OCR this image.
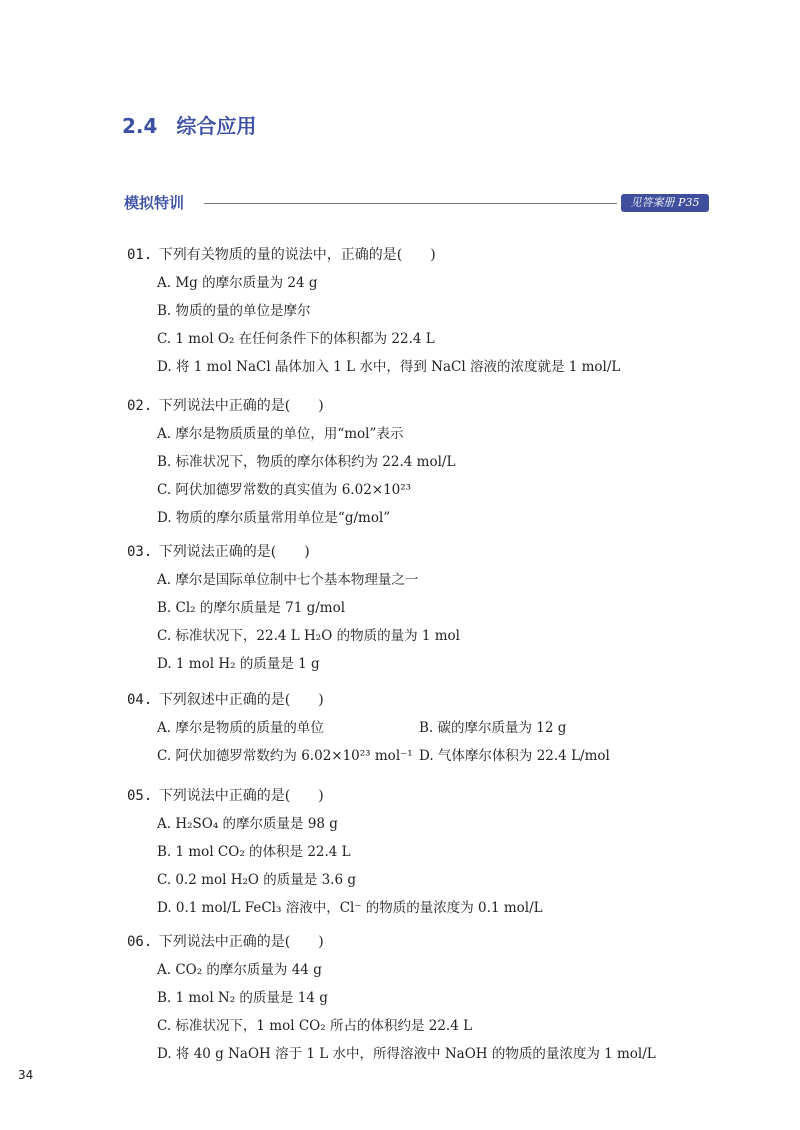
2.4 综合应用
模拟特训	见答案册 P35
01. 下列有关物质的量的说法中，正确的是(　　)
A. Mg 的摩尔质量为 24 g
B. 物质的量的单位是摩尔
C. 1 mol O₂ 在任何条件下的体积都为 22.4 L
D. 将 1 mol NaCl 晶体加入 1 L 水中，得到 NaCl 溶液的浓度就是 1 mol/L
02. 下列说法中正确的是(　　)
A. 摩尔是物质质量的单位，用“mol”表示
B. 标准状况下，物质的摩尔体积约为 22.4 mol/L
C. 阿伏加德罗常数的真实值为 6.02×10²³
D. 物质的摩尔质量常用单位是“g/mol”
03. 下列说法正确的是(　　)
A. 摩尔是国际单位制中七个基本物理量之一
B. Cl₂ 的摩尔质量是 71 g/mol
C. 标准状况下，22.4 L H₂O 的物质的量为 1 mol
D. 1 mol H₂ 的质量是 1 g
04. 下列叙述中正确的是(　　)
A. 摩尔是物质的质量的单位	B. 碳的摩尔质量为 12 g
C. 阿伏加德罗常数约为 6.02×10²³ mol⁻¹ D. 气体摩尔体积为 22.4 L/mol
05. 下列说法中正确的是(　　)
A. H₂SO₄ 的摩尔质量是 98 g
B. 1 mol CO₂ 的体积是 22.4 L
C. 0.2 mol H₂O 的质量是 3.6 g
D. 0.1 mol/L FeCl₃ 溶液中，Cl⁻ 的物质的量浓度为 0.1 mol/L
06. 下列说法中正确的是(　　)
A. CO₂ 的摩尔质量为 44 g
B. 1 mol N₂ 的质量是 14 g
C. 标准状况下，1 mol CO₂ 所占的体积约是 22.4 L
D. 将 40 g NaOH 溶于 1 L 水中，所得溶液中 NaOH 的物质的量浓度为 1 mol/L
34
